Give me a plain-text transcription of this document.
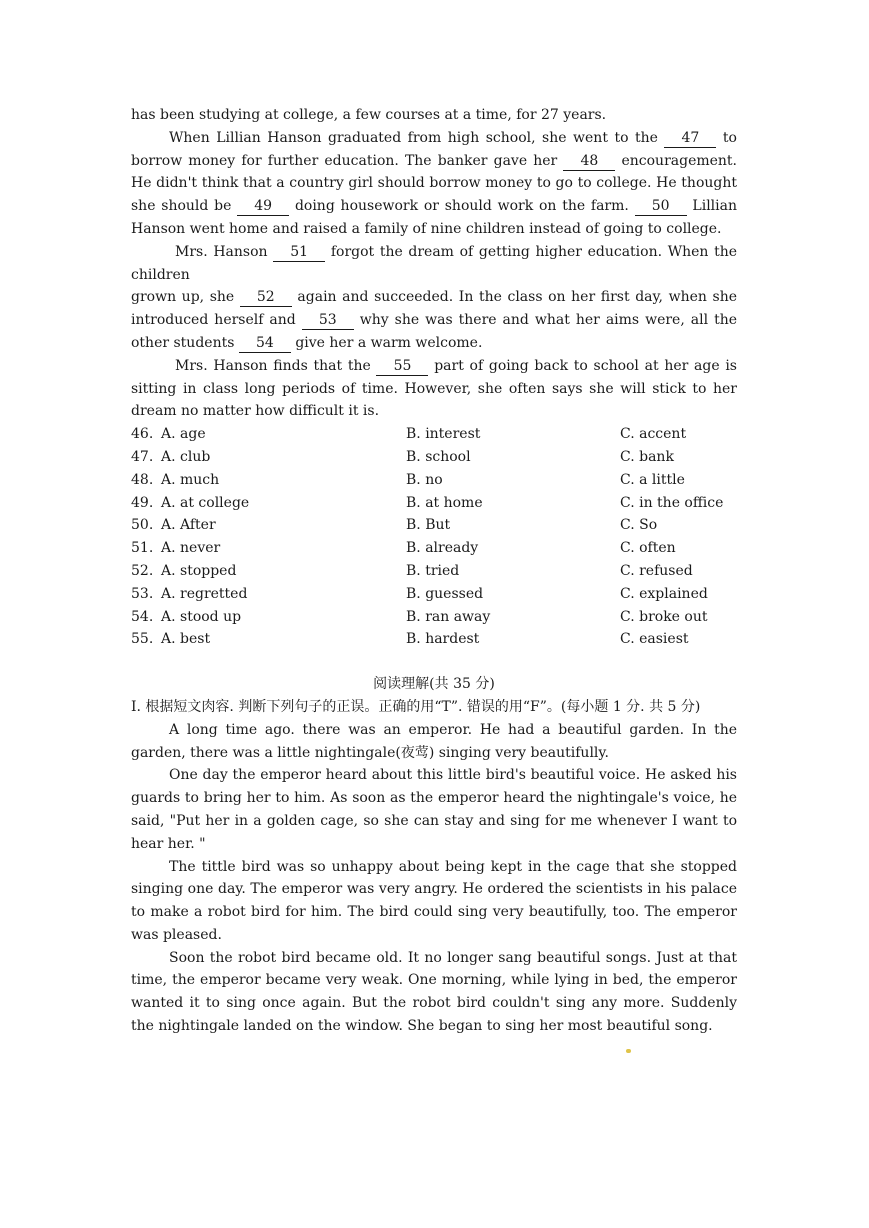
has been studying at college, a few courses at a time, for 27 years.

When Lillian Hanson graduated from high school, she went to the 47 to borrow money for further education. The banker gave her 48 encouragement. He didn't think that a country girl should borrow money to go to college. He thought she should be 49 doing housework or should work on the farm. 50 Lillian Hanson went home and raised a family of nine children instead of going to college.

Mrs. Hanson 51 forgot the dream of getting higher education. When the children

grown up, she 52 again and succeeded. In the class on her first day, when she introduced herself and 53 why she was there and what her aims were, all the other students 54 give her a warm welcome.

Mrs. Hanson finds that the 55 part of going back to school at her age is sitting in class long periods of time. However, she often says she will stick to her dream no matter how difficult it is.

46. A. age	B. interest	C. accent
47. A. club	B. school	C. bank
48. A. much	B. no	C. a little
49. A. at college	B. at home	C. in the office
50. A. After	B. But	C. So
51. A. never	B. already	C. often
52. A. stopped	B. tried	C. refused
53. A. regretted	B. guessed	C. explained
54. A. stood up	B. ran away	C. broke out
55. A. best	B. hardest	C. easiest
阅读理解(共 35 分)

I. 根据短文肉容. 判断下列句子的正误。正确的用“T”. 错误的用“F”。(每小题 1 分. 共 5 分)

A long time ago. there was an emperor. He had a beautiful garden. In the garden, there was a little nightingale(夜莺) singing very beautifully.

One day the emperor heard about this little bird's beautiful voice. He asked his guards to bring her to him. As soon as the emperor heard the nightingale's voice, he said, "Put her in a golden cage, so she can stay and sing for me whenever I want to hear her. "

The tittle bird was so unhappy about being kept in the cage that she stopped singing one day. The emperor was very angry. He ordered the scientists in his palace to make a robot bird for him. The bird could sing very beautifully, too. The emperor was pleased.

Soon the robot bird became old. It no longer sang beautiful songs. Just at that time, the emperor became very weak. One morning, while lying in bed, the emperor wanted it to sing once again. But the robot bird couldn't sing any more. Suddenly the nightingale landed on the window. She began to sing her most beautiful song.
